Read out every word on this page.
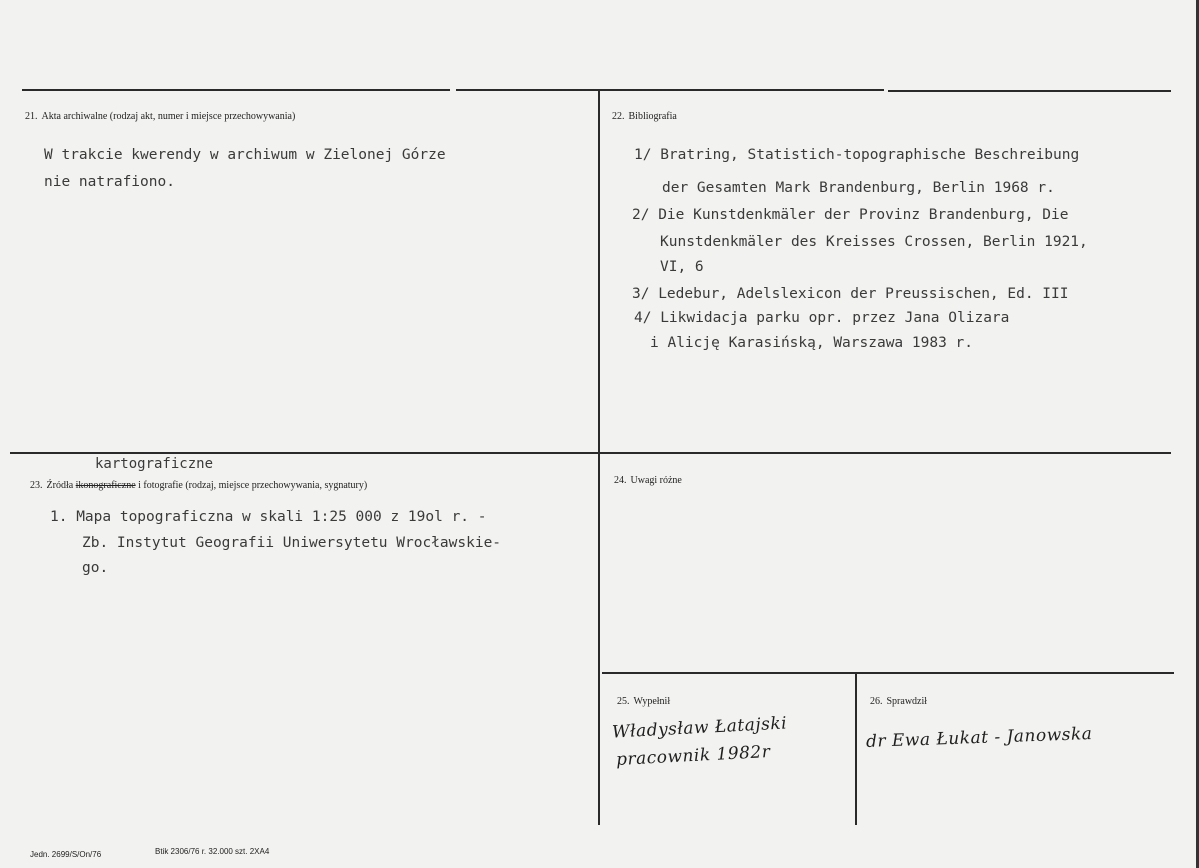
21. Akta archiwalne (rodzaj akt, numer i miejsce przechowywania)
W trakcie kwerendy w archiwum w Zielonej Górze
nie natrafiono.
22. Bibliografia
1/ Bratring, Statistich-topographische Beschreibung
der Gesamten Mark Brandenburg, Berlin 1968 r.
2/ Die Kunstdenkmäler der Provinz Brandenburg, Die
Kunstdenkmäler des Kreisses Crossen, Berlin 1921,
VI, 6
3/ Ledebur, Adelslexicon der Preussischen, Ed. III
4/ Likwidacja parku opr. przez Jana Olizara
i Alicję Karasińską, Warszawa 1983 r.
kartograficzne
23. Źródła ikonograficzne i fotografie (rodzaj, miejsce przechowywania, sygnatury)
1. Mapa topograficzna w skali 1:25 000 z 19ol r. -
Zb. Instytut Geografii Uniwersytetu Wrocławskie-
go.
24. Uwagi różne
25. Wypełnił
Władysław Łatajski
pracownik 1982r
26. Sprawdził
dr Ewa Łukat - Janowska
Jedn. 2699/S/On/76	Btik 2306/76 r. 32.000 szt. 2XA4
